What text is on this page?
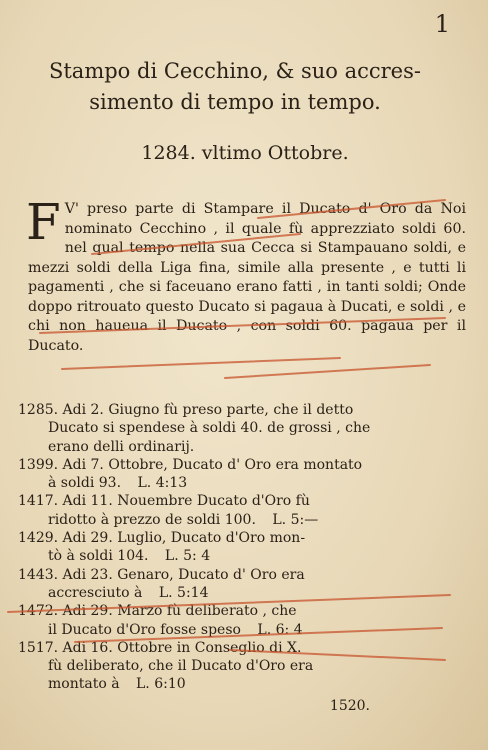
1
Stampo di Cecchino, & suo accres-
simento di tempo in tempo.
1284. vltimo Ottobre.
F V' preso parte di Stampare il Ducato d' Oro da Noi nominato Cecchino , il quale fù apprezziato soldi 60. nel qual tempo nella sua Cecca si Stampauano soldi, e mezzi soldi della Liga fina, simile alla presente , e tutti li pagamenti , che si faceuano erano fatti , in tanti soldi; Onde doppo ritrouato questo Ducato si pagaua à Ducati, e soldi , e chi non haueua il Ducato , con soldi 60. pagaua per il Ducato.
1285. Adi 2. Giugno fù preso parte, che il detto
Ducato si spendese à soldi 40. de grossi , che
erano delli ordinarij.
1399. Adi 7. Ottobre, Ducato d' Oro era montato
à soldi 93. L. 4:13
1417. Adi 11. Nouembre Ducato d'Oro fù
ridotto à prezzo de soldi 100. L. 5:—
1429. Adi 29. Luglio, Ducato d'Oro mon-
tò à soldi 104. L. 5: 4
1443. Adi 23. Genaro, Ducato d' Oro era
accresciuto à L. 5:14
1472. Adi 29. Marzo fù deliberato , che
il Ducato d'Oro fosse speso L. 6: 4
1517. Adi 16. Ottobre in Conseglio di X.
fù deliberato, che il Ducato d'Oro era
montato à L. 6:10
1520.
